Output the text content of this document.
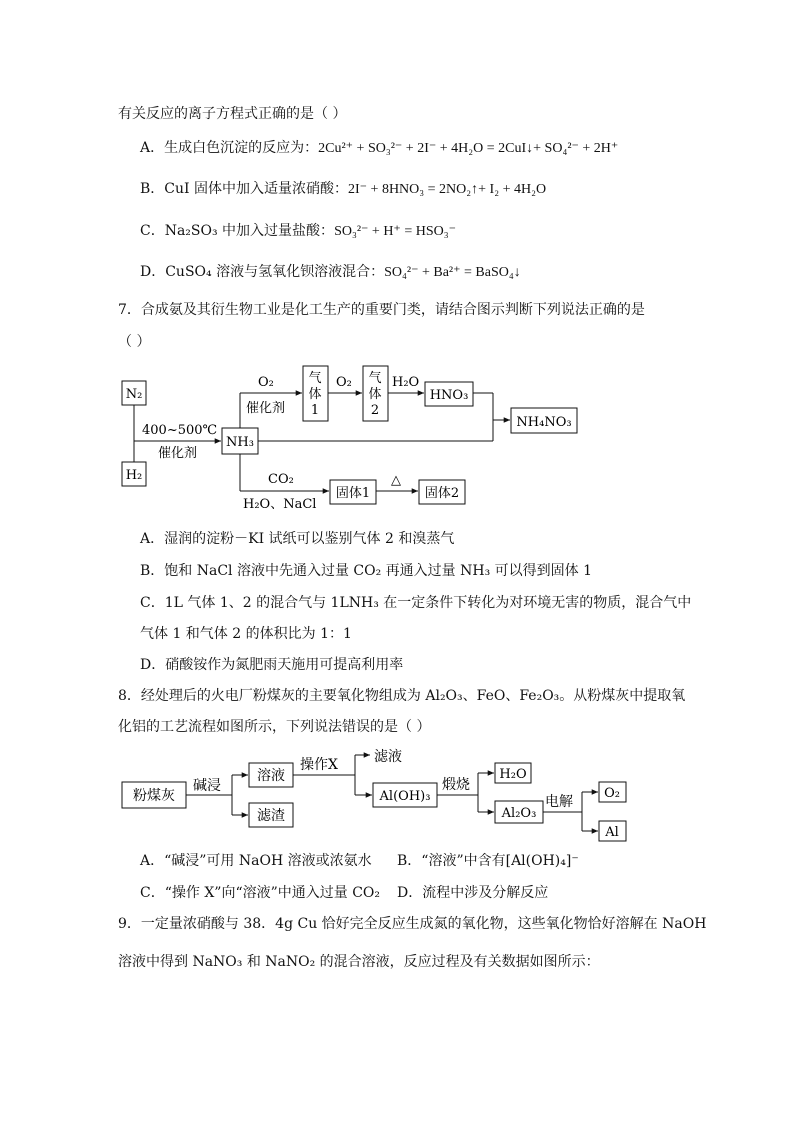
有关反应的离子方程式正确的是（ ）
A．生成白色沉淀的反应为：2Cu²⁺ + SO₃²⁻ + 2I⁻ + 4H₂O = 2CuI↓+ SO₄²⁻ + 2H⁺
B．CuI 固体中加入适量浓硝酸：2I⁻ + 8HNO₃ = 2NO₂↑+ I₂ + 4H₂O
C．Na₂SO₃ 中加入过量盐酸：SO₃²⁻ + H⁺ = HSO₃⁻
D．CuSO₄ 溶液与氢氧化钡溶液混合：SO₄²⁻ + Ba²⁺ = BaSO₄↓
7．合成氨及其衍生物工业是化工生产的重要门类，请结合图示判断下列说法正确的是
（ ）
N₂
H₂
400~500℃
催化剂
NH₃
O₂
催化剂
气
体
1
O₂ 气
体
2
H₂O
HNO₃
NH₄NO₃
CO₂
H₂O、NaCl
固体1
△
固体2
A．湿润的淀粉－KI 试纸可以鉴别气体 2 和溴蒸气
B．饱和 NaCl 溶液中先通入过量 CO₂ 再通入过量 NH₃ 可以得到固体 1
C．1L 气体 1、2 的混合气与 1LNH₃ 在一定条件下转化为对环境无害的物质，混合气中
气体 1 和气体 2 的体积比为 1：1
D．硝酸铵作为氮肥雨天施用可提高利用率
8．经处理后的火电厂粉煤灰的主要氧化物组成为 Al₂O₃、FeO、Fe₂O₃。从粉煤灰中提取氧
化铝的工艺流程如图所示，下列说法错误的是（ ）
粉煤灰
碱浸
溶液
滤渣
操作X	滤液
Al(OH)₃
煅烧
H₂O
Al₂O₃
电解
O₂
Al
A．“碱浸”可用 NaOH 溶液或浓氨水 B．“溶液”中含有[Al(OH)₄]⁻
C．“操作 X”向“溶液”中通入过量 CO₂ D．流程中涉及分解反应
9．一定量浓硝酸与 38．4g Cu 恰好完全反应生成氮的氧化物，这些氧化物恰好溶解在 NaOH
溶液中得到 NaNO₃ 和 NaNO₂ 的混合溶液，反应过程及有关数据如图所示：
